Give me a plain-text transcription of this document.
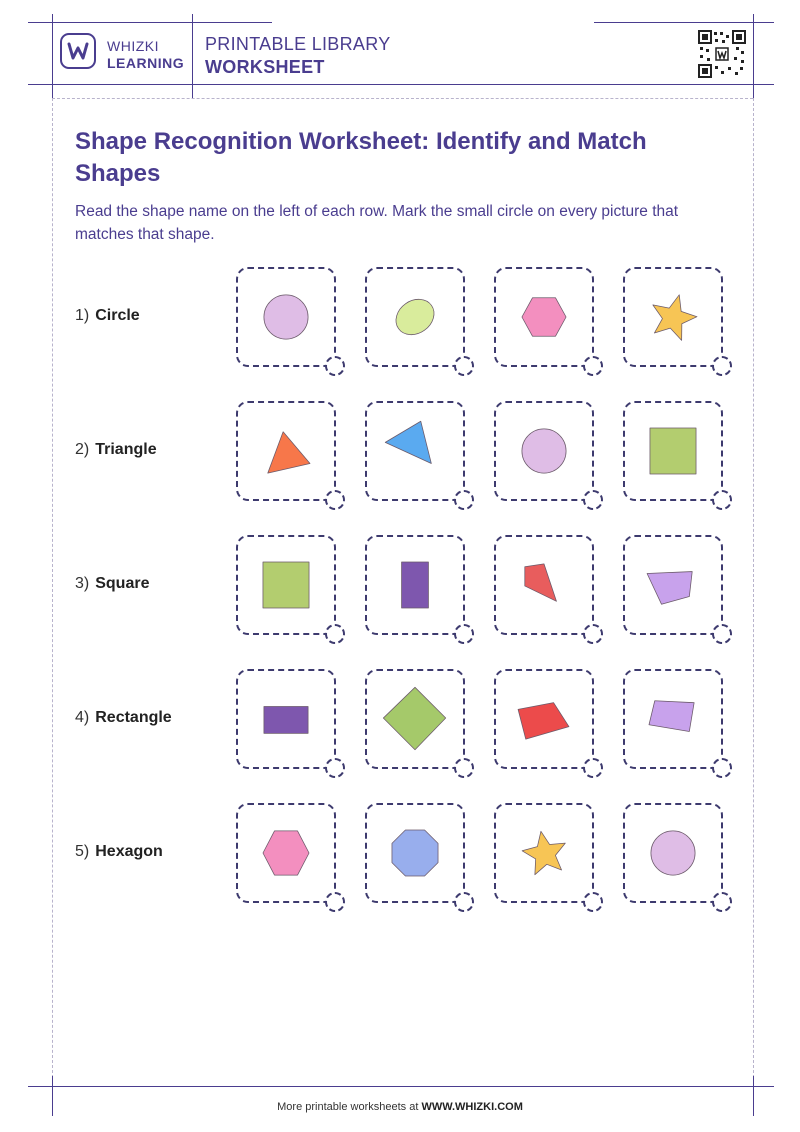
WHIZKI
LEARNING
PRINTABLE LIBRARY
WORKSHEET
Shape Recognition Worksheet: Identify and Match Shapes
Read the shape name on the left of each row. Mark the small circle on every picture that matches that shape.
1) Circle
2) Triangle
3) Square
4) Rectangle
5) Hexagon
More printable worksheets at WWW.WHIZKI.COM
